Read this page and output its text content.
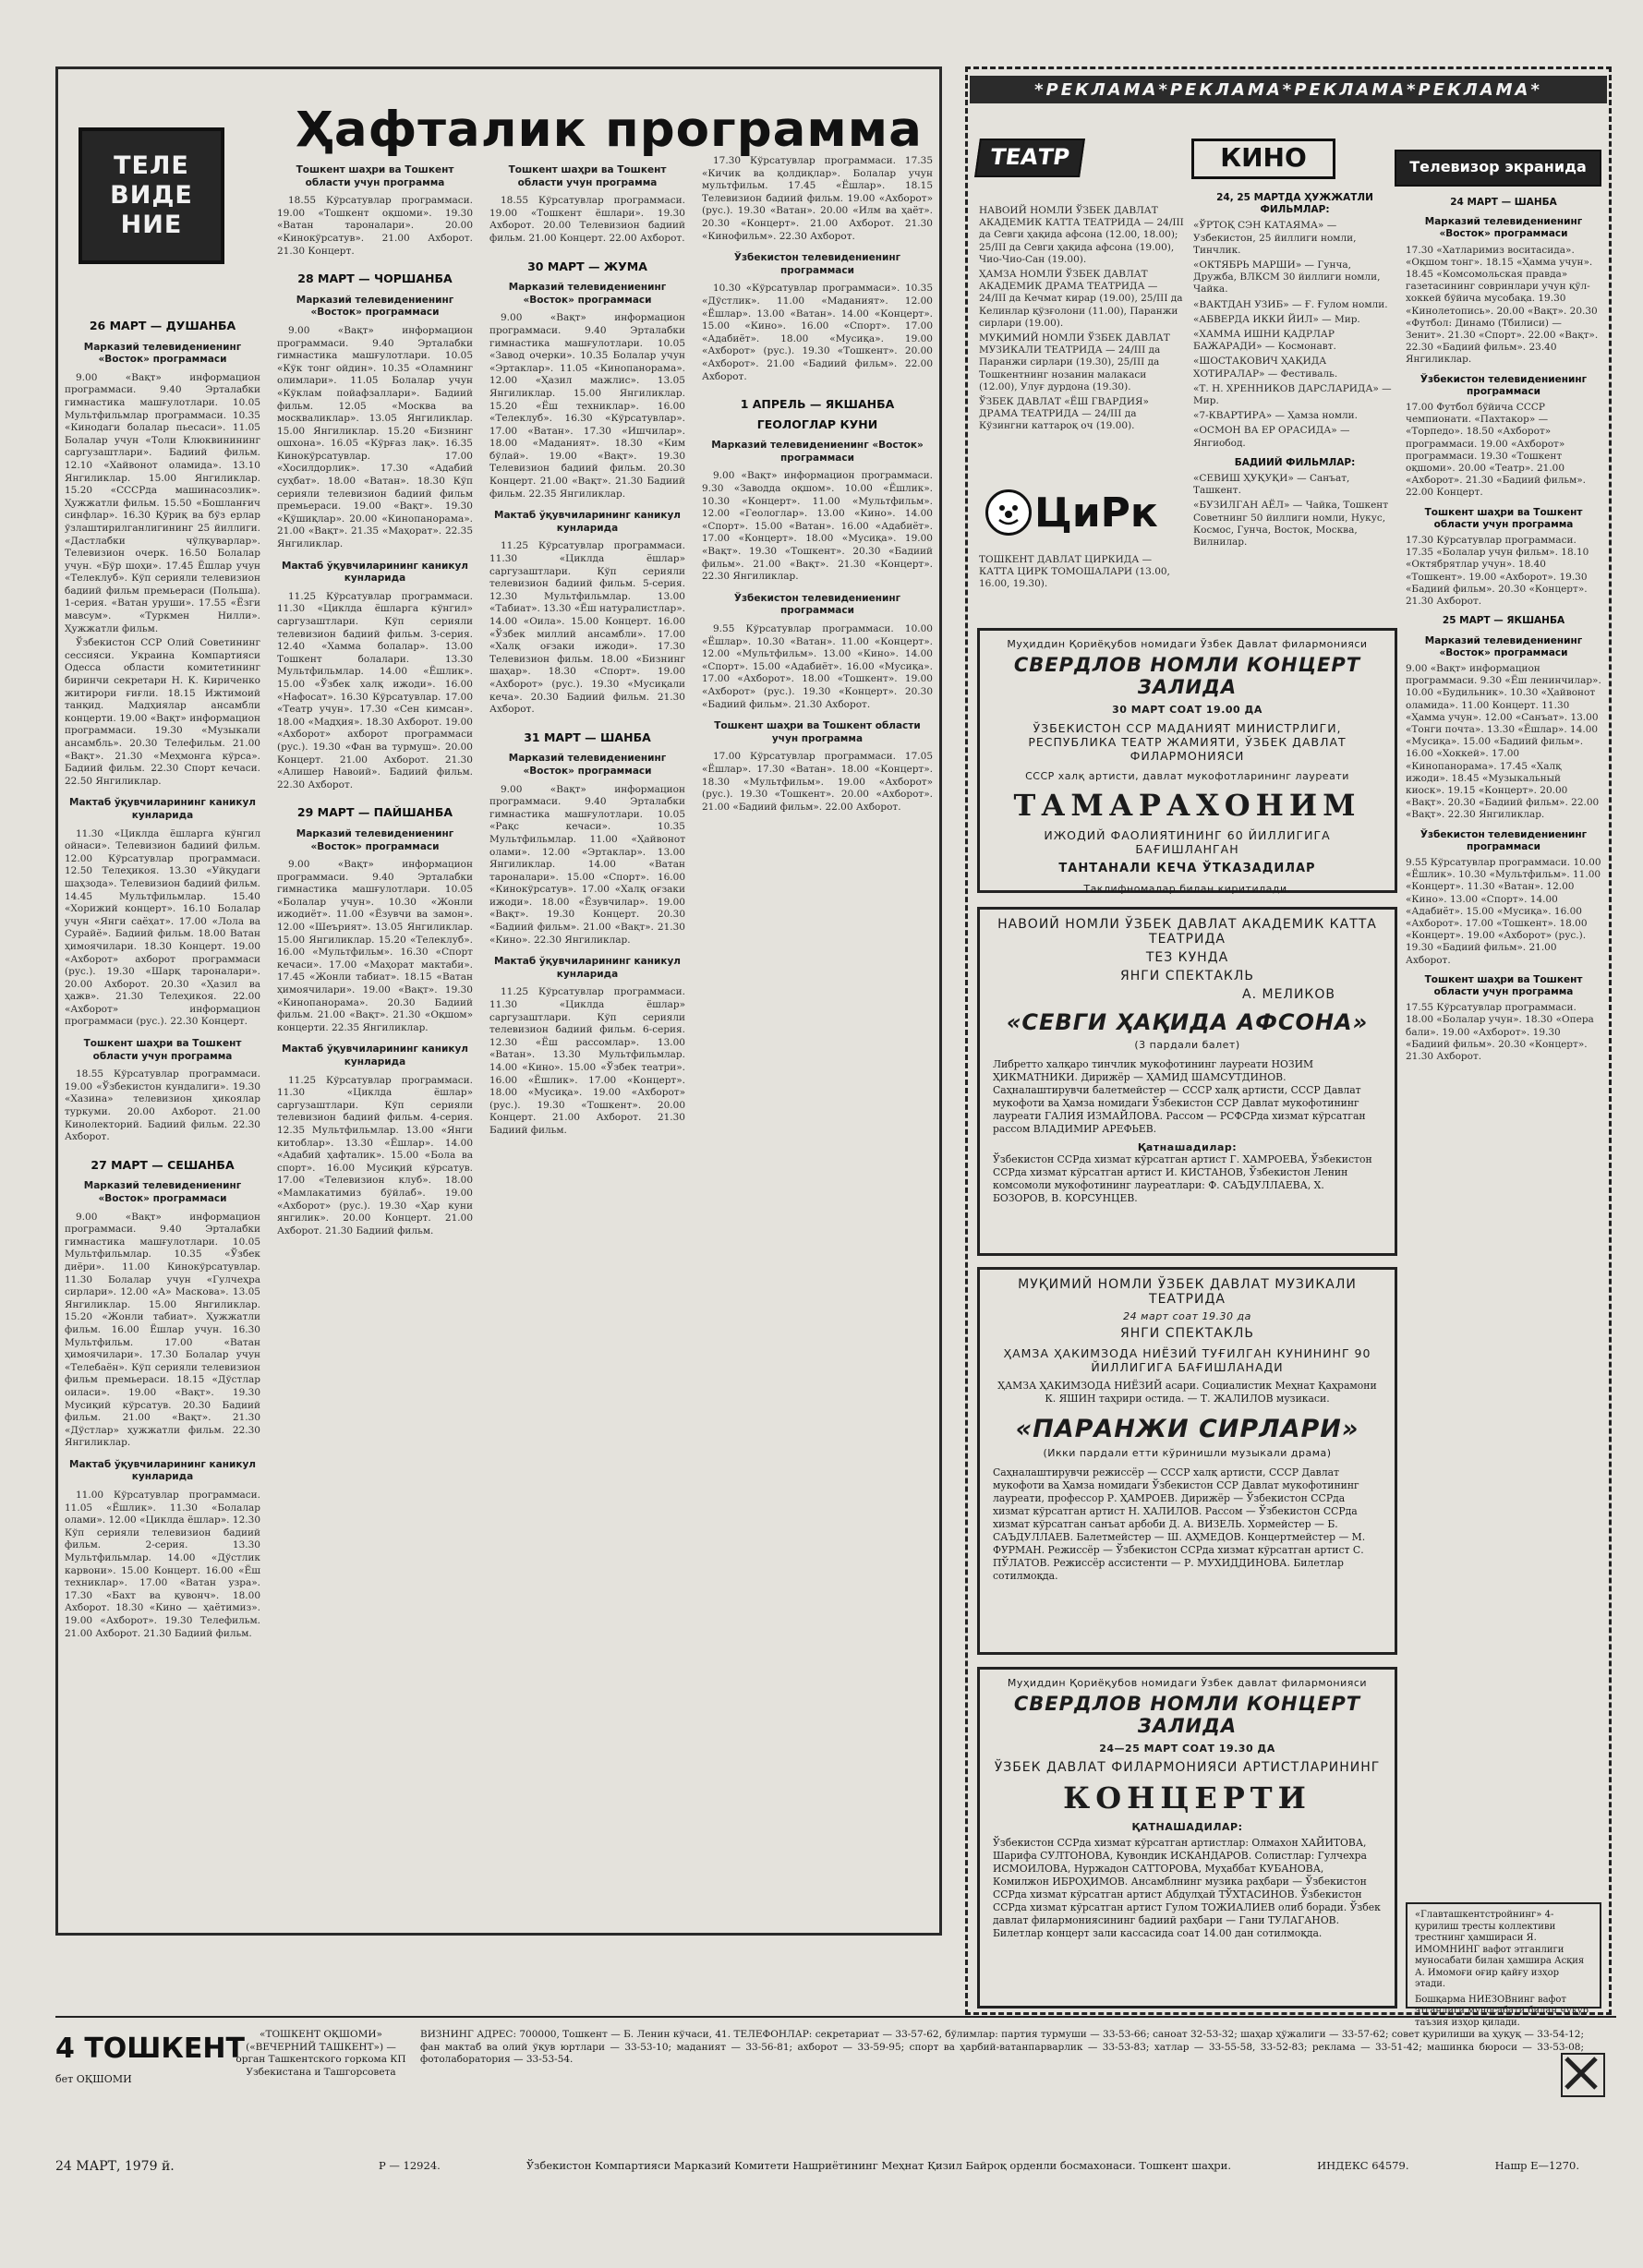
ТЕЛЕ
ВИДЕ
НИЕ
Ҳафталик программа
26 МАРТ — ДУШАНБА
Марказий телевидениенинг «Восток» программаси

9.00 «Вақт» информацион программаси. 9.40 Эрталабки гимнастика машғулотлари. 10.05 Мультфильмлар программаси. 10.35 «Кинодаги болалар пьесаси». 11.05 Болалар учун «Толи Клюквинининг саргузаштлари». Бадиий фильм. 12.10 «Хайвонот оламида». 13.10 Янгиликлар. 15.00 Янгиликлар. 15.20 «СССРда машинасозлик». Ҳужжатли фильм. 15.50 «Бошланғич синфлар». 16.30 Қўриқ ва бўз ерлар ўзлаштирилганлигининг 25 йиллиги. «Дастлабки чўлқуварлар». Телевизион очерк. 16.50 Болалар учун. «Бўр шоҳи». 17.45 Ёшлар учун «Телеклуб». Кўп серияли телевизион бадиий фильм премьераси (Польша). 1-серия. «Ватан уруши». 17.55 «Ёзги мавсум». «Туркмен Нилли». Ҳужжатли фильм.

Ўзбекистон ССР Олий Советининг сессияси. Украина Компартияси Одесса области комитетининг биринчи секретари Н. К. Кириченко житирори ғиғли. 18.15 Ижтимоий танқид. Мадҳиялар ансамбли концерти. 19.00 «Вақт» информацион программаси. 19.30 «Музыкали ансамбль». 20.30 Телефильм. 21.00 «Вақт». 21.30 «Меҳмонга кўрса». Бадиий фильм. 22.30 Спорт кечаси. 22.50 Янгиликлар.

Мактаб ўқувчиларининг каникул кунларида

11.30 «Циклда ёшларга кўнгил ойнаси». Телевизион бадиий фильм. 12.00 Кўрсатувлар программаси. 12.50 Телеҳикоя. 13.30 «Уйқудаги шаҳзода». Телевизион бадиий фильм. 14.45 Мультфильмлар. 15.40 «Хорижий концерт». 16.10 Болалар учун «Янги саёҳат». 17.00 «Лола ва Сурайё». Бадиий фильм. 18.00 Ватан ҳимоячилари. 18.30 Концерт. 19.00 «Ахборот» ахборот программаси (рус.). 19.30 «Шарқ тароналари». 20.00 Ахборот. 20.30 «Ҳазил ва ҳажв». 21.30 Телеҳикоя. 22.00 «Ахборот» информацион программаси (рус.). 22.30 Концерт.

Тошкент шаҳри ва Тошкент области учун программа

18.55 Кўрсатувлар программаси. 19.00 «Ўзбекистон кундалиги». 19.30 «Хазина» телевизион ҳикоялар туркуми. 20.00 Ахборот. 21.00 Кинолекторий. Бадиий фильм. 22.30 Ахборот.

27 МАРТ — СЕШАНБА
Марказий телевидениенинг «Восток» программаси

9.00 «Вақт» информацион программаси. 9.40 Эрталабки гимнастика машғулотлари. 10.05 Мультфильмлар. 10.35 «Ўзбек диёри». 11.00 Кинокўрсатувлар. 11.30 Болалар учун «Гулчеҳра сирлари». 12.00 «А» Маскова». 13.05 Янгиликлар. 15.00 Янгиликлар. 15.20 «Жонли табиат». Ҳужжатли фильм. 16.00 Ёшлар учун. 16.30 Мультфильм. 17.00 «Ватан ҳимоячилари». 17.30 Болалар учун «Телебаён». Кўп серияли телевизион фильм премьераси. 18.15 «Дўстлар оиласи». 19.00 «Вақт». 19.30 Мусиқий кўрсатув. 20.30 Бадиий фильм. 21.00 «Вақт». 21.30 «Дўстлар» ҳужжатли фильм. 22.30 Янгиликлар.

Мактаб ўқувчиларининг каникул кунларида

11.00 Кўрсатувлар программаси. 11.05 «Ёшлик». 11.30 «Болалар олами». 12.00 «Циклда ёшлар». 12.30 Кўп серияли телевизион бадиий фильм. 2-серия. 13.30 Мультфильмлар. 14.00 «Дўстлик карвони». 15.00 Концерт. 16.00 «Ёш техниклар». 17.00 «Ватан узра». 17.30 «Бахт ва қувонч». 18.00 Ахборот. 18.30 «Кино — ҳаётимиз». 19.00 «Ахборот». 19.30 Телефильм. 21.00 Ахборот. 21.30 Бадиий фильм.

Тошкент шаҳри ва Тошкент области учун программа

18.55 Кўрсатувлар программаси. 19.00 «Тошкент оқшоми». 19.30 «Ватан тароналари». 20.00 «Кинокўрсатув». 21.00 Ахборот. 21.30 Концерт.

28 МАРТ — ЧОРШАНБА
Марказий телевидениенинг «Восток» программаси

9.00 «Вақт» информацион программаси. 9.40 Эрталабки гимнастика машғулотлари. 10.05 «Кўк тонг ойдин». 10.35 «Оламнинг олимлари». 11.05 Болалар учун «Кўклам пойафзаллари». Бадиий фильм. 12.05 «Москва ва москваликлар». 13.05 Янгиликлар. 15.00 Янгиликлар. 15.20 «Бизнинг ошхона». 16.05 «Кўрғаз лақ». 16.35 Кинокўрсатувлар. 17.00 «Хосилдорлик». 17.30 «Адабий суҳбат». 18.00 «Ватан». 18.30 Кўп серияли телевизион бадиий фильм премьераси. 19.00 «Вақт». 19.30 «Қўшиқлар». 20.00 «Кинопанорама». 21.00 «Вақт». 21.35 «Маҳорат». 22.35 Янгиликлар.

Мактаб ўқувчиларининг каникул кунларида

11.25 Кўрсатувлар программаси. 11.30 «Циклда ёшларга кўнгил» саргузаштлари. Кўп серияли телевизион бадиий фильм. 3-серия. 12.40 «Хамма болалар». 13.00 Тошкент болалари. 13.30 Мультфильмлар. 14.00 «Ёшлик». 15.00 «Ўзбек халқ ижоди». 16.00 «Нафосат». 16.30 Кўрсатувлар. 17.00 «Театр учун». 17.30 «Сен кимсан». 18.00 «Мадҳия». 18.30 Ахборот. 19.00 «Ахборот» ахборот программаси (рус.). 19.30 «Фан ва турмуш». 20.00 Концерт. 21.00 Ахборот. 21.30 «Алишер Навоий». Бадиий фильм. 22.30 Ахборот.

29 МАРТ — ПАЙШАНБА
Марказий телевидениенинг «Восток» программаси

9.00 «Вақт» информацион программаси. 9.40 Эрталабки гимнастика машғулотлари. 10.05 «Болалар учун». 10.30 «Жонли ижодиёт». 11.00 «Ёзувчи ва замон». 12.00 «Шеърият». 13.05 Янгиликлар. 15.00 Янгиликлар. 15.20 «Телеклуб». 16.00 «Мультфильм». 16.30 «Спорт кечаси». 17.00 «Маҳорат мактаби». 17.45 «Жонли табиат». 18.15 «Ватан ҳимоячилари». 19.00 «Вақт». 19.30 «Кинопанорама». 20.30 Бадиий фильм. 21.00 «Вақт». 21.30 «Оқшом» концерти. 22.35 Янгиликлар.

Мактаб ўқувчиларининг каникул кунларида

11.25 Кўрсатувлар программаси. 11.30 «Циклда ёшлар» саргузаштлари. Кўп серияли телевизион бадиий фильм. 4-серия. 12.35 Мультфильмлар. 13.00 «Янги китоблар». 13.30 «Ёшлар». 14.00 «Адабий ҳафталик». 15.00 «Бола ва спорт». 16.00 Мусиқий кўрсатув. 17.00 «Телевизион клуб». 18.00 «Мамлакатимиз бўйлаб». 19.00 «Ахборот» (рус.). 19.30 «Ҳар куни янгилик». 20.00 Концерт. 21.00 Ахборот. 21.30 Бадиий фильм.

Тошкент шаҳри ва Тошкент области учун программа

18.55 Кўрсатувлар программаси. 19.00 «Тошкент ёшлари». 19.30 Ахборот. 20.00 Телевизион бадиий фильм. 21.00 Концерт. 22.00 Ахборот.

30 МАРТ — ЖУМА
Марказий телевидениенинг «Восток» программаси

9.00 «Вақт» информацион программаси. 9.40 Эрталабки гимнастика машғулотлари. 10.05 «Завод очерки». 10.35 Болалар учун «Эртаклар». 11.05 «Кинопанорама». 12.00 «Ҳазил мажлис». 13.05 Янгиликлар. 15.00 Янгиликлар. 15.20 «Ёш техниклар». 16.00 «Телеклуб». 16.30 «Кўрсатувлар». 17.00 «Ватан». 17.30 «Ишчилар». 18.00 «Маданият». 18.30 «Ким бўлай». 19.00 «Вақт». 19.30 Телевизион бадиий фильм. 20.30 Концерт. 21.00 «Вақт». 21.30 Бадиий фильм. 22.35 Янгиликлар.

Мактаб ўқувчиларининг каникул кунларида

11.25 Кўрсатувлар программаси. 11.30 «Циклда ёшлар» саргузаштлари. Кўп серияли телевизион бадиий фильм. 5-серия. 12.30 Мультфильмлар. 13.00 «Табиат». 13.30 «Ёш натуралистлар». 14.00 «Оила». 15.00 Концерт. 16.00 «Ўзбек миллий ансамбли». 17.00 «Халқ оғзаки ижоди». 17.30 Телевизион фильм. 18.00 «Бизнинг шаҳар». 18.30 «Спорт». 19.00 «Ахборот» (рус.). 19.30 «Мусиқали кеча». 20.30 Бадиий фильм. 21.30 Ахборот.

31 МАРТ — ШАНБА
Марказий телевидениенинг «Восток» программаси

9.00 «Вақт» информацион программаси. 9.40 Эрталабки гимнастика машғулотлари. 10.05 «Рақс кечаси». 10.35 Мультфильмлар. 11.00 «Ҳайвонот олами». 12.00 «Эртаклар». 13.00 Янгиликлар. 14.00 «Ватан тароналари». 15.00 «Спорт». 16.00 «Кинокўрсатув». 17.00 «Халқ оғзаки ижоди». 18.00 «Ёзувчилар». 19.00 «Вақт». 19.30 Концерт. 20.30 «Бадиий фильм». 21.00 «Вақт». 21.30 «Кино». 22.30 Янгиликлар.

Мактаб ўқувчиларининг каникул кунларида

11.25 Кўрсатувлар программаси. 11.30 «Циклда ёшлар» саргузаштлари. Кўп серияли телевизион бадиий фильм. 6-серия. 12.30 «Ёш рассомлар». 13.00 «Ватан». 13.30 Мультфильмлар. 14.00 «Кино». 15.00 «Ўзбек театри». 16.00 «Ёшлик». 17.00 «Концерт». 18.00 «Мусиқа». 19.00 «Ахборот» (рус.). 19.30 «Тошкент». 20.00 Концерт. 21.00 Ахборот. 21.30 Бадиий фильм.

17.30 Кўрсатувлар программаси. 17.35 «Кичик ва қолдиқлар». Болалар учун мультфильм. 17.45 «Ёшлар». 18.15 Телевизион бадиий фильм. 19.00 «Ахборот» (рус.). 19.30 «Ватан». 20.00 «Илм ва ҳаёт». 20.30 «Концерт». 21.00 Ахборот. 21.30 «Кинофильм». 22.30 Ахборот.

Ўзбекистон телевидениенинг программаси

10.30 «Кўрсатувлар программаси». 10.35 «Дўстлик». 11.00 «Маданият». 12.00 «Ёшлар». 13.00 «Ватан». 14.00 «Концерт». 15.00 «Кино». 16.00 «Спорт». 17.00 «Адабиёт». 18.00 «Мусиқа». 19.00 «Ахборот» (рус.). 19.30 «Тошкент». 20.00 «Ахборот». 21.00 «Бадиий фильм». 22.00 Ахборот.

1 АПРЕЛЬ — ЯКШАНБА
ГЕОЛОГЛАР КУНИ
Марказий телевидениенинг «Восток» программаси

9.00 «Вақт» информацион программаси. 9.30 «Заводда оқшом». 10.00 «Ёшлик». 10.30 «Концерт». 11.00 «Мультфильм». 12.00 «Геологлар». 13.00 «Кино». 14.00 «Спорт». 15.00 «Ватан». 16.00 «Адабиёт». 17.00 «Концерт». 18.00 «Мусиқа». 19.00 «Вақт». 19.30 «Тошкент». 20.30 «Бадиий фильм». 21.00 «Вақт». 21.30 «Концерт». 22.30 Янгиликлар.

Ўзбекистон телевидениенинг программаси

9.55 Кўрсатувлар программаси. 10.00 «Ёшлар». 10.30 «Ватан». 11.00 «Концерт». 12.00 «Мультфильм». 13.00 «Кино». 14.00 «Спорт». 15.00 «Адабиёт». 16.00 «Мусиқа». 17.00 «Ахборот». 18.00 «Тошкент». 19.00 «Ахборот» (рус.). 19.30 «Концерт». 20.30 «Бадиий фильм». 21.30 Ахборот.

Тошкент шаҳри ва Тошкент области учун программа

17.00 Кўрсатувлар программаси. 17.05 «Ёшлар». 17.30 «Ватан». 18.00 «Концерт». 18.30 «Мультфильм». 19.00 «Ахборот» (рус.). 19.30 «Тошкент». 20.00 «Ахборот». 21.00 «Бадиий фильм». 22.00 Ахборот.

*РЕКЛАМА*РЕКЛАМА*РЕКЛАМА*РЕКЛАМА*
ТЕАТР	КИНО	Телевизор экранида

НАВОИЙ НОМЛИ ЎЗБЕК ДАВЛАТ АКАДЕМИК КАТТА ТЕАТРИДА — 24/III да Севги ҳақида афсона (12.00, 18.00); 25/III да Севги ҳақида афсона (19.00), Чио-Чио-Сан (19.00).

ҲАМЗА НОМЛИ ЎЗБЕК ДАВЛАТ АКАДЕМИК ДРАМА ТЕАТРИДА — 24/III да Кечмат кирар (19.00), 25/III да Келинлар қўзғолони (11.00), Паранжи сирлари (19.00).

МУҚИМИЙ НОМЛИ ЎЗБЕК ДАВЛАТ МУЗИКАЛИ ТЕАТРИДА — 24/III да Паранжи сирлари (19.30), 25/III да Тошкентнинг нозанин малакаси (12.00), Улуғ дурдона (19.30).

ЎЗБЕК ДАВЛАТ «ЁШ ГВАРДИЯ» ДРАМА ТЕАТРИДА — 24/III да Кўзингни каттароқ оч (19.00).

ЦиРк

ТОШКЕНТ ДАВЛАТ ЦИРКИДА — КАТТА ЦИРК ТОМОШАЛАРИ (13.00, 16.00, 19.30).

24, 25 МАРТДА ҲУЖЖАТЛИ ФИЛЬМЛАР:

«ЎРТОҚ СЭН КАТАЯМА» — Узбекистон, 25 йиллиги номли, Тинчлик.

«ОКТЯБРЬ МАРШИ» — Гунча, Дружба, ВЛКСМ 30 йиллиги номли, Чайка.

«ВАКТДАН УЗИБ» — Ғ. Ғулом номли.

«АБВЕРДА ИККИ ЙИЛ» — Мир.

«ХАММА ИШНИ ҚАДРЛАР БАЖАРАДИ» — Космонавт.

«ШОСТАКОВИЧ ҲАҚИДА ХОТИРАЛАР» — Фестиваль.

«Т. Н. ХРЕННИКОВ ДАРСЛАРИДА» — Мир.

«7-КВАРТИРА» — Ҳамза номли.

«ОСМОН ВА ЕР ОРАСИДА» — Янгиобод.

БАДИИЙ ФИЛЬМЛАР:

«СЕВИШ ҲУҚУҚИ» — Санъат, Ташкент.

«БУЗИЛГАН АЁЛ» — Чайка, Тошкент Советнинг 50 йиллиги номли, Нукус, Космос, Гунча, Восток, Москва, Вилнилар.

24 МАРТ — ШАНБА
Марказий телевидениенинг «Восток» программаси

17.30 «Хатларимиз воситасида». «Оқшом тонг». 18.15 «Ҳамма учун». 18.45 «Комсомольская правда» газетасининг совринлари учун қўл-хоккей бўйича мусобақа. 19.30 «Кинолетопись». 20.00 «Вақт». 20.30 «Футбол: Динамо (Тбилиси) — Зенит». 21.30 «Спорт». 22.00 «Вақт». 22.30 «Бадиий фильм». 23.40 Янгиликлар.

Ўзбекистон телевидениенинг программаси

17.00 Футбол бўйича СССР чемпионати. «Пахтакор» — «Торпедо». 18.50 «Ахборот» программаси. 19.00 «Ахборот» программаси. 19.30 «Тошкент оқшоми». 20.00 «Театр». 21.00 «Ахборот». 21.30 «Бадиий фильм». 22.00 Концерт.

Тошкент шаҳри ва Тошкент области учун программа

17.30 Кўрсатувлар программаси. 17.35 «Болалар учун фильм». 18.10 «Октябрятлар учун». 18.40 «Тошкент». 19.00 «Ахборот». 19.30 «Бадиий фильм». 20.30 «Концерт». 21.30 Ахборот.

25 МАРТ — ЯКШАНБА
Марказий телевидениенинг «Восток» программаси

9.00 «Вақт» информацион программаси. 9.30 «Ёш ленинчилар». 10.00 «Будильник». 10.30 «Ҳайвонот оламида». 11.00 Концерт. 11.30 «Ҳамма учун». 12.00 «Санъат». 13.00 «Тонги почта». 13.30 «Ёшлар». 14.00 «Мусиқа». 15.00 «Бадиий фильм». 16.00 «Хоккей». 17.00 «Кинопанорама». 17.45 «Халқ ижоди». 18.45 «Музыкальный киоск». 19.15 «Концерт». 20.00 «Вақт». 20.30 «Бадиий фильм». 22.00 «Вақт». 22.30 Янгиликлар.

Ўзбекистон телевидениенинг программаси

9.55 Кўрсатувлар программаси. 10.00 «Ёшлик». 10.30 «Мультфильм». 11.00 «Концерт». 11.30 «Ватан». 12.00 «Кино». 13.00 «Спорт». 14.00 «Адабиёт». 15.00 «Мусиқа». 16.00 «Ахборот». 17.00 «Тошкент». 18.00 «Концерт». 19.00 «Ахборот» (рус.). 19.30 «Бадиий фильм». 21.00 Ахборот.

Тошкент шаҳри ва Тошкент области учун программа

17.55 Кўрсатувлар программаси. 18.00 «Болалар учун». 18.30 «Опера бали». 19.00 «Ахборот». 19.30 «Бадиий фильм». 20.30 «Концерт». 21.30 Ахборот.

Муҳиддин Қориёқубов номидаги Ўзбек Давлат филармонияси
СВЕРДЛОВ НОМЛИ КОНЦЕРТ ЗАЛИДА
30 МАРТ СОАТ 19.00 ДА
ЎЗБЕКИСТОН ССР МАДАНИЯТ МИНИСТРЛИГИ, РЕСПУБЛИКА ТЕАТР ЖАМИЯТИ, ЎЗБЕК ДАВЛАТ ФИЛАРМОНИЯСИ
СССР халқ артисти, давлат мукофотларининг лауреати
ТАМАРАХОНИМ
ИЖОДИЙ ФАОЛИЯТИНИНГ 60 ЙИЛЛИГИГА БАҒИШЛАНГАН
ТАНТАНАЛИ КЕЧА ЎТКАЗАДИЛАР
Таклифномалар билан киритилади.
НАВОИЙ НОМЛИ ЎЗБЕК ДАВЛАТ АКАДЕМИК КАТТА ТЕАТРИДА
ТЕЗ КУНДА
ЯНГИ СПЕКТАКЛЬ
А. МЕЛИКОВ
«СЕВГИ ҲАҚИДА АФСОНА»
(3 пардали балет)
Либретто халқаро тинчлик мукофотининг лауреати НОЗИМ ҲИКМАТНИКИ. Дирижёр — ҲАМИД ШАМСУТДИНОВ. Саҳналаштирувчи балетмейстер — СССР халқ артисти, СССР Давлат мукофоти ва Ҳамза номидаги Ўзбекистон ССР Давлат мукофотининг лауреати ГАЛИЯ ИЗМАЙЛОВА. Рассом — РСФСРда хизмат кўрсатган рассом ВЛАДИМИР АРЕФЬЕВ.
Қатнашадилар:
Ўзбекистон ССРда хизмат кўрсатган артист Г. ХАМРОЕВА, Ўзбекистон ССРда хизмат кўрсатган артист И. КИСТАНОВ, Ўзбекистон Ленин комсомоли мукофотининг лауреатлари: Ф. САЪДУЛЛАЕВА, Х. БОЗОРОВ, В. КОРСУНЦЕВ.
МУҚИМИЙ НОМЛИ ЎЗБЕК ДАВЛАТ МУЗИКАЛИ ТЕАТРИДА
24 март соат 19.30 да
ЯНГИ СПЕКТАКЛЬ
ҲАМЗА ҲАКИМЗОДА НИЁЗИЙ ТУҒИЛГАН КУНИНИНГ 90 ЙИЛЛИГИГА БАҒИШЛАНАДИ
ҲАМЗА ҲАКИМЗОДА НИЁЗИЙ асари. Социалистик Меҳнат Қаҳрамони К. ЯШИН таҳрири остида. — Т. ЖАЛИЛОВ музикаси.
«ПАРАНЖИ СИРЛАРИ»
(Икки пардали етти кўринишли музыкали драма)
Саҳналаштирувчи режиссёр — СССР халқ артисти, СССР Давлат мукофоти ва Ҳамза номидаги Ўзбекистон ССР Давлат мукофотининг лауреати, профессор Р. ҲАМРОЕВ. Дирижёр — Ўзбекистон ССРда хизмат кўрсатган артист Н. ХАЛИЛОВ. Рассом — Ўзбекистон ССРда хизмат кўрсатган санъат арбоби Д. А. ВИЗЕЛЬ. Хормейстер — Б. САЪДУЛЛАЕВ. Балетмейстер — Ш. АҲМЕДОВ. Концертмейстер — М. ФУРМАН. Режиссёр — Ўзбекистон ССРда хизмат кўрсатган артист С. ПЎЛАТОВ. Режиссёр ассистенти — Р. МУХИДДИНОВА. Билетлар сотилмоқда.
Муҳиддин Қориёқубов номидаги Ўзбек давлат филармонияси
СВЕРДЛОВ НОМЛИ КОНЦЕРТ ЗАЛИДА
24—25 МАРТ СОАТ 19.30 ДА
ЎЗБЕК ДАВЛАТ ФИЛАРМОНИЯСИ АРТИСТЛАРИНИНГ
КОНЦЕРТИ
ҚАТНАШАДИЛАР:
Ўзбекистон ССРда хизмат кўрсатган артистлар: Олмахон ХАЙИТОВА, Шарифа СУЛТОНОВА, Кувондик ИСКАНДАРОВ. Солистлар: Гулчехра ИСМОИЛОВА, Нуржадон САТТОРОВА, Муҳаббат КУБАНОВА, Комилжон ИБРОҲИМОВ. Ансамблнинг музика раҳбари — Ўзбекистон ССРда хизмат кўрсатган артист Абдулҳай ТЎХТАСИНОВ. Ўзбекистон ССРда хизмат кўрсатган артист Гулом ТОЖИАЛИЕВ олиб боради. Ўзбек давлат филармониясининг бадиий раҳбари — Гани ТУЛАГАНОВ. Билетлар концерт зали кассасида соат 14.00 дан сотилмоқда.
«Главташкентстройнинг» 4-қурилиш тресты коллективи трестнинг ҳамшираси Я. ИМОМНИНГ вафот этганлиги муносабати билан ҳамшира Асқия А. Имомоғи оғир қайғу изҳор этади.
Бошқарма НИЕЗОВнинг вафот этганлиги муносабати билан чуқур таъзия изҳор қилади.
4 ТОШКЕНТ
бет ОҚШОМИ
«ТОШКЕНТ ОҚШОМИ» («ВЕЧЕРНИЙ ТАШКЕНТ») — орган Ташкентского горкома КП Узбекистана и Ташгорсовета
ВИЗНИНГ АДРЕС: 700000, Тошкент — Б. Ленин кўчаси, 41. ТЕЛЕФОНЛАР: секретариат — 33-57-62, бўлимлар: партия турмуши — 33-53-66; саноат 32-53-32; шаҳар ҳўжалиги — 33-57-62; совет қурилиши ва ҳуқуқ — 33-54-12; фан мактаб ва олий ўқув юртлари — 33-53-10; маданият — 33-56-81; ахборот — 33-59-95; спорт ва ҳарбий-ватанпарварлик — 33-53-83; хатлар — 33-55-58, 33-52-83; реклама — 33-51-42; машинка бюроси — 33-53-08; фотолаборатория — 33-53-54.
24 МАРТ, 1979 й.	Р — 12924.	Ўзбекистон Компартияси Марказий Комитети Нашриётининг Меҳнат Қизил Байроқ орденли босмахонаси. Тошкент шаҳри.	ИНДЕКС 64579.	Нашр Е—1270.
